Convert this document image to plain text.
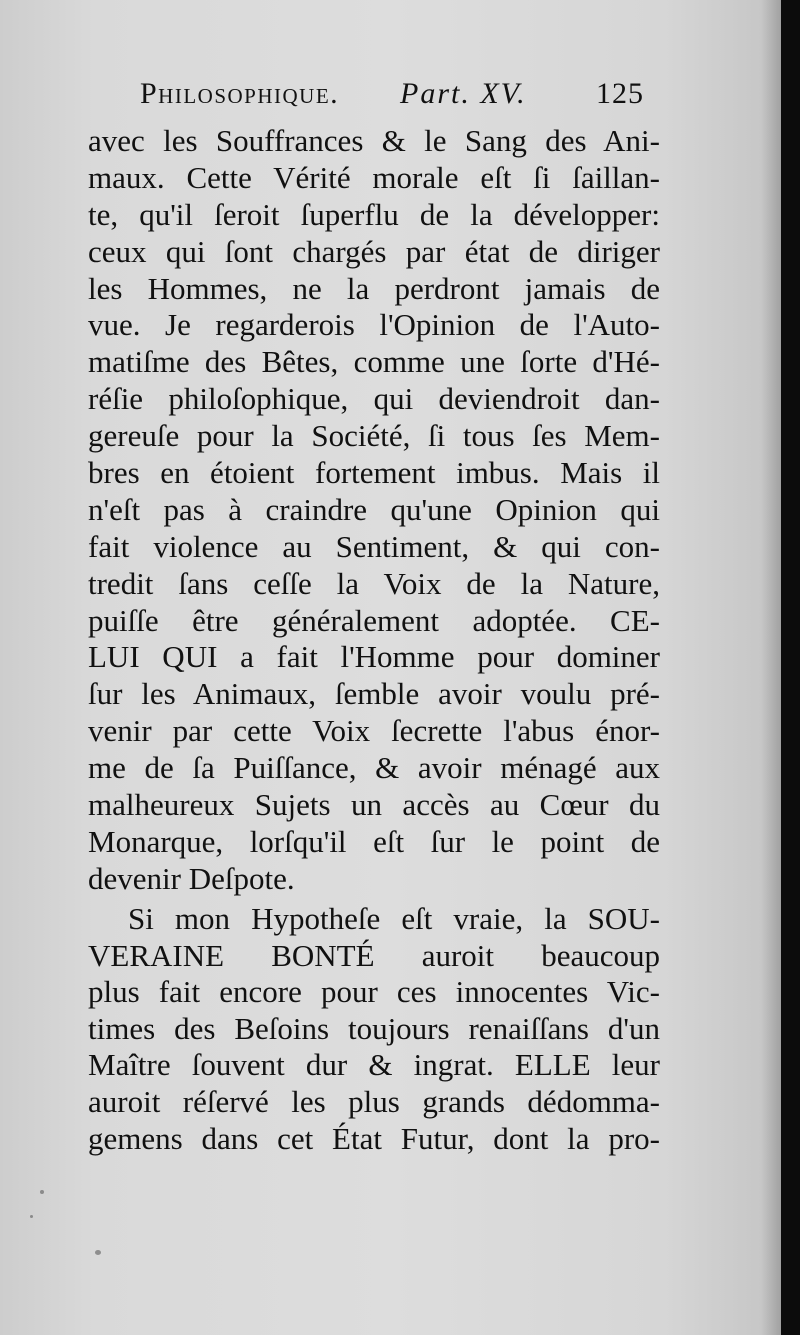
Philosophique. Part. XV. 125
avec les Souffrances & le Sang des Ani-
maux. Cette Vérité morale eſt ſi ſaillan-
te, qu'il ſeroit ſuperflu de la développer:
ceux qui ſont chargés par état de diriger
les Hommes, ne la perdront jamais de
vue. Je regarderois l'Opinion de l'Auto-
matiſme des Bêtes, comme une ſorte d'Hé-
réſie philoſophique, qui deviendroit dan-
gereuſe pour la Société, ſi tous ſes Mem-
bres en étoient fortement imbus. Mais il
n'eſt pas à craindre qu'une Opinion qui
fait violence au Sentiment, & qui con-
tredit ſans ceſſe la Voix de la Nature,
puiſſe être généralement adoptée. CE-
LUI QUI a fait l'Homme pour dominer
ſur les Animaux, ſemble avoir voulu pré-
venir par cette Voix ſecrette l'abus énor-
me de ſa Puiſſance, & avoir ménagé aux
malheureux Sujets un accès au Cœur du
Monarque, lorſqu'il eſt ſur le point de
devenir Deſpote.
Si mon Hypotheſe eſt vraie, la SOU-
VERAINE BONTÉ auroit beaucoup
plus fait encore pour ces innocentes Vic-
times des Beſoins toujours renaiſſans d'un
Maître ſouvent dur & ingrat. ELLE leur
auroit réſervé les plus grands dédomma-
gemens dans cet État Futur, dont la pro-
